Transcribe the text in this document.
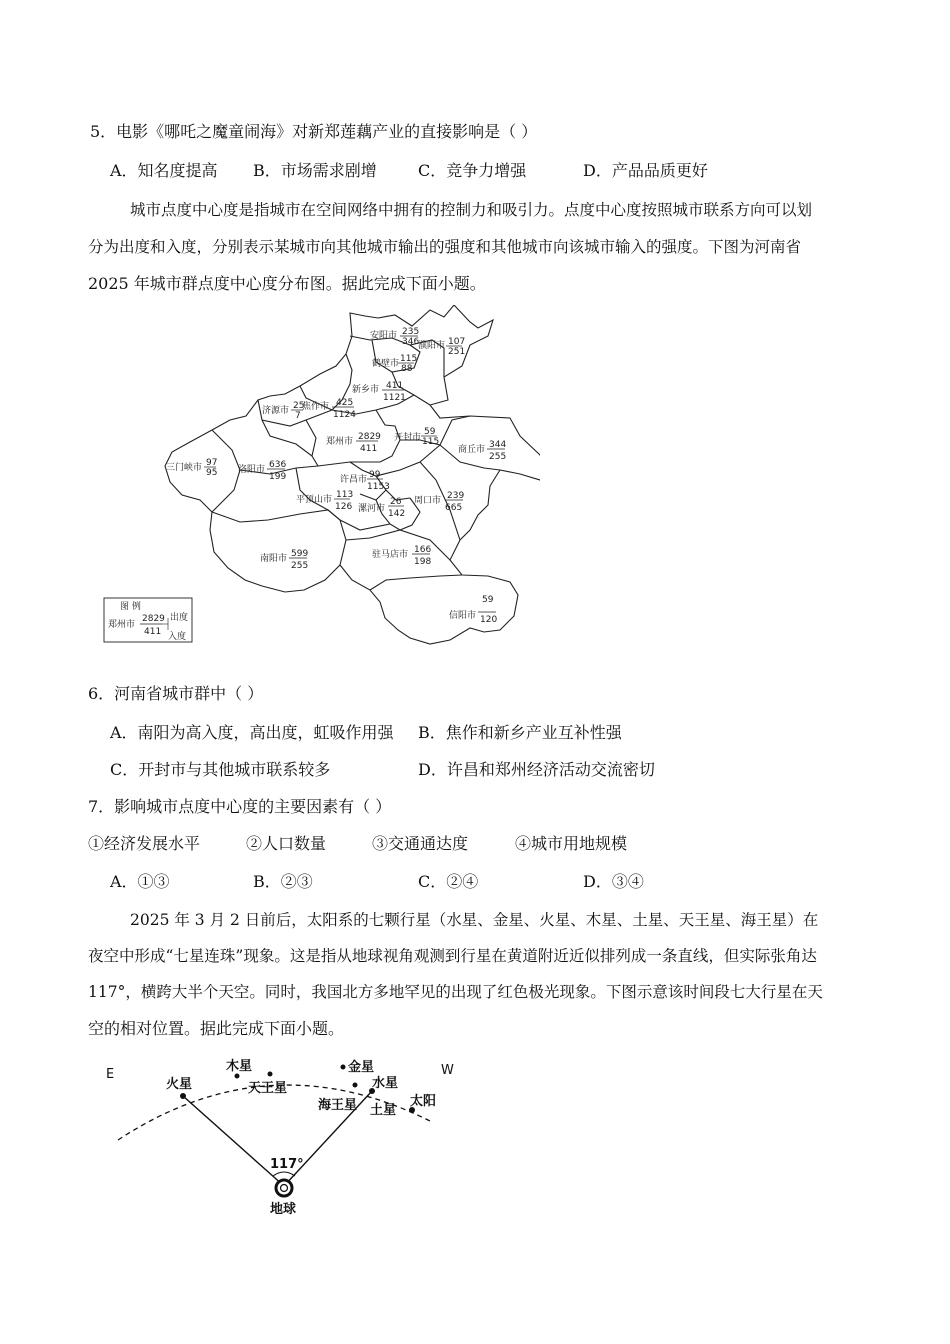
5．电影《哪吒之魔童闹海》对新郑莲藕产业的直接影响是（ ）
A．知名度提高 B．市场需求剧增	C．竞争力增强	D．产品品质更好
城市点度中心度是指城市在空间网络中拥有的控制力和吸引力。点度中心度按照城市联系方向可以划
分为出度和入度，分别表示某城市向其他城市输出的强度和其他城市向该城市输入的强度。下图为河南省
2025 年城市群点度中心度分布图。据此完成下面小题。
安阳市 235
346
濮阳市 107
251
鹤壁市 115
88
新乡市 411
1121
焦作市 425
1124
济源市 25
7
郑州市 2829
411
开封市
59
115
商丘市 344
255
三门峡市 97
95 洛阳市 636
199	许昌市 99
1153
平顶山市 113
126 漯河市
26
142
周口市 239
665
南阳市 599
255
驻马店市 166
198
信阳市
59
120
图 例
郑州市
2829
411
出度
入度
6．河南省城市群中（ ）
A．南阳为高入度，高出度，虹吸作用强 B．焦作和新乡产业互补性强
C．开封市与其他城市联系较多	D．许昌和郑州经济活动交流密切
7．影响城市点度中心度的主要因素有（ ）
①经济发展水平	②人口数量	③交通通达度	④城市用地规模
A．①③	B．②③	C．②④	D．③④
2025 年 3 月 2 日前后，太阳系的七颗行星（水星、金星、火星、木星、土星、天王星、海王星）在
夜空中形成“七星连珠”现象。这是指从地球视角观测到行星在黄道附近近似排列成一条直线，但实际张角达
117°，横跨大半个天空。同时，我国北方多地罕见的出现了红色极光现象。下图示意该时间段七大行星在天
空的相对位置。据此完成下面小题。
E	W
火星
木星
天王星
金星
水星
海王星 土星
太阳
117°
地球
